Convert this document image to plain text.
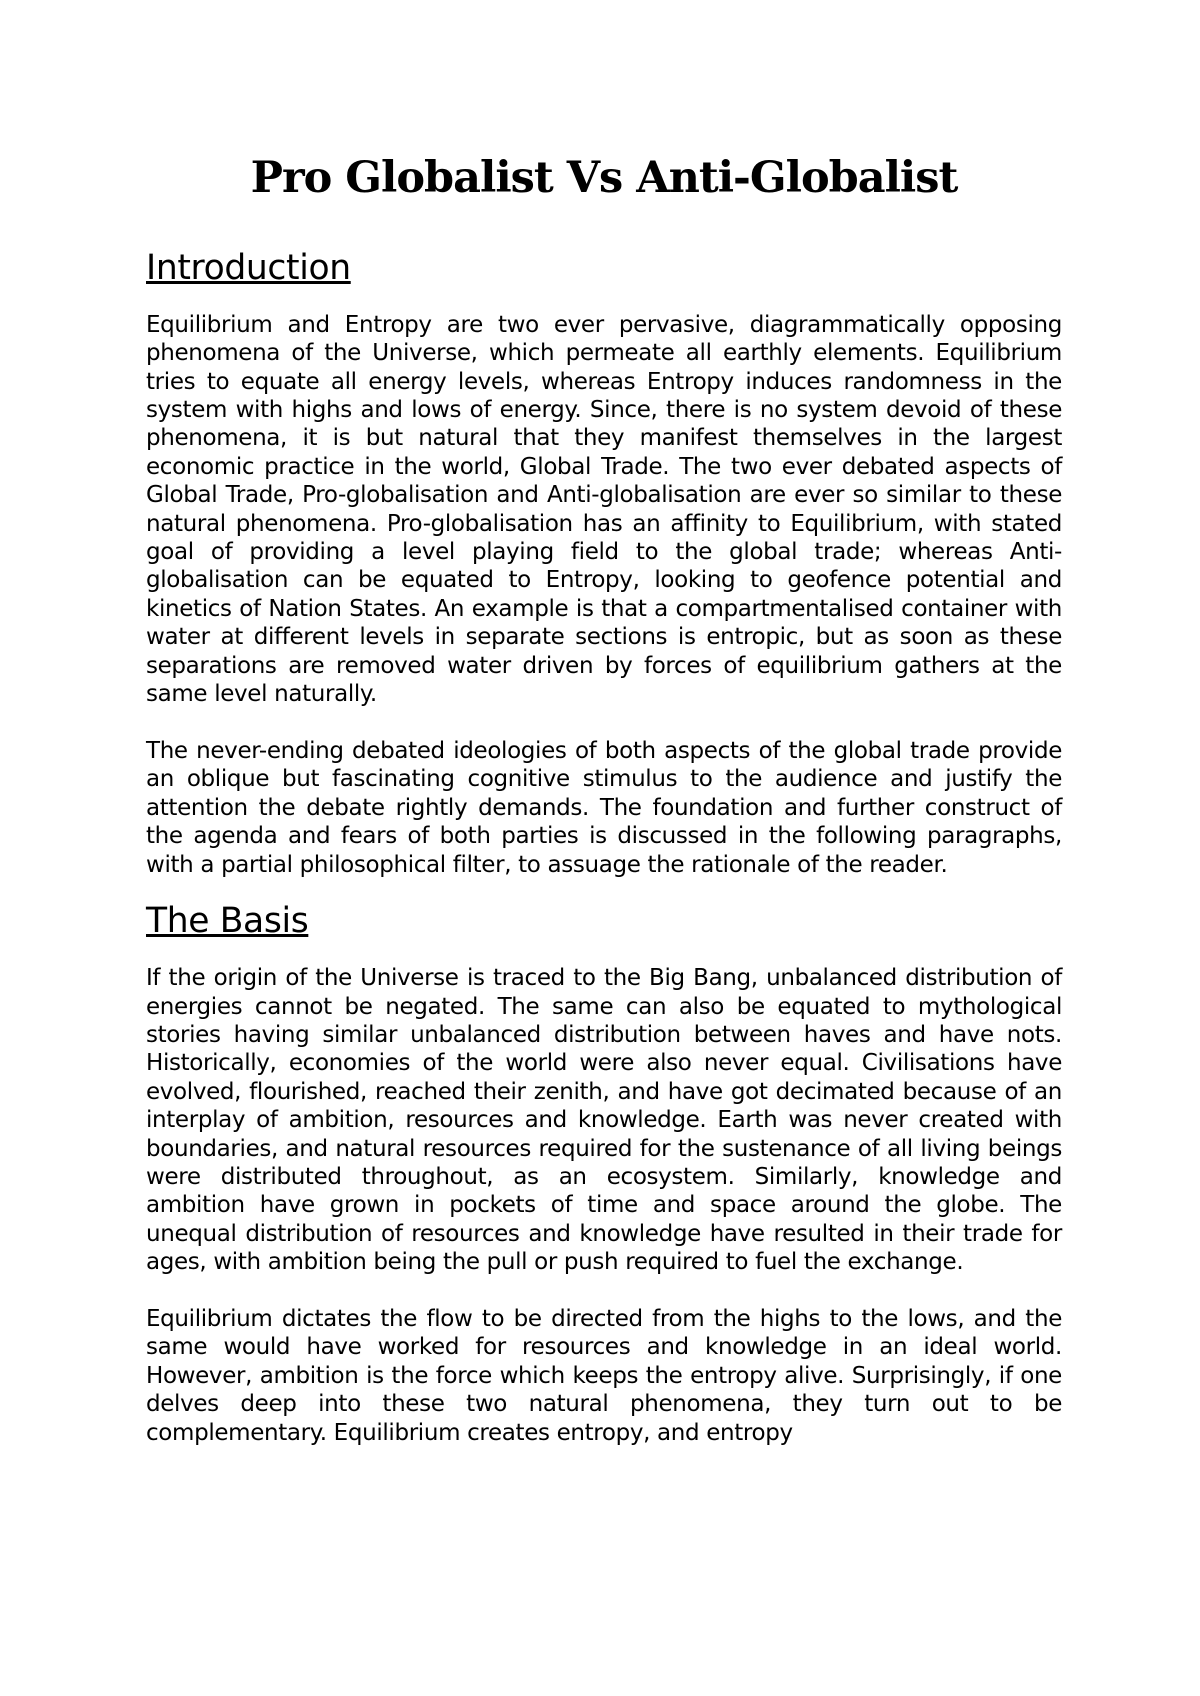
Pro Globalist Vs Anti-Globalist
Introduction

Equilibrium and Entropy are two ever pervasive, diagrammatically opposing phenomena of the Universe, which permeate all earthly elements. Equilibrium tries to equate all energy levels, whereas Entropy induces randomness in the system with highs and lows of energy. Since, there is no system devoid of these phenomena, it is but natural that they manifest themselves in the largest economic practice in the world, Global Trade. The two ever debated aspects of Global Trade, Pro-globalisation and Anti-globalisation are ever so similar to these natural phenomena. Pro-globalisation has an affinity to Equilibrium, with stated goal of providing a level playing field to the global trade; whereas Anti-globalisation can be equated to Entropy, looking to geofence potential and kinetics of Nation States. An example is that a compartmentalised container with water at different levels in separate sections is entropic, but as soon as these separations are removed water driven by forces of equilibrium gathers at the same level naturally.

The never-ending debated ideologies of both aspects of the global trade provide an oblique but fascinating cognitive stimulus to the audience and justify the attention the debate rightly demands. The foundation and further construct of the agenda and fears of both parties is discussed in the following paragraphs, with a partial philosophical filter, to assuage the rationale of the reader.

The Basis

If the origin of the Universe is traced to the Big Bang, unbalanced distribution of energies cannot be negated. The same can also be equated to mythological stories having similar unbalanced distribution between haves and have nots. Historically, economies of the world were also never equal. Civilisations have evolved, flourished, reached their zenith, and have got decimated because of an interplay of ambition, resources and knowledge. Earth was never created with boundaries, and natural resources required for the sustenance of all living beings were distributed throughout, as an ecosystem. Similarly, knowledge and ambition have grown in pockets of time and space around the globe. The unequal distribution of resources and knowledge have resulted in their trade for ages, with ambition being the pull or push required to fuel the exchange.

Equilibrium dictates the flow to be directed from the highs to the lows, and the same would have worked for resources and knowledge in an ideal world. However, ambition is the force which keeps the entropy alive. Surprisingly, if one delves deep into these two natural phenomena, they turn out to be complementary. Equilibrium creates entropy, and entropy
